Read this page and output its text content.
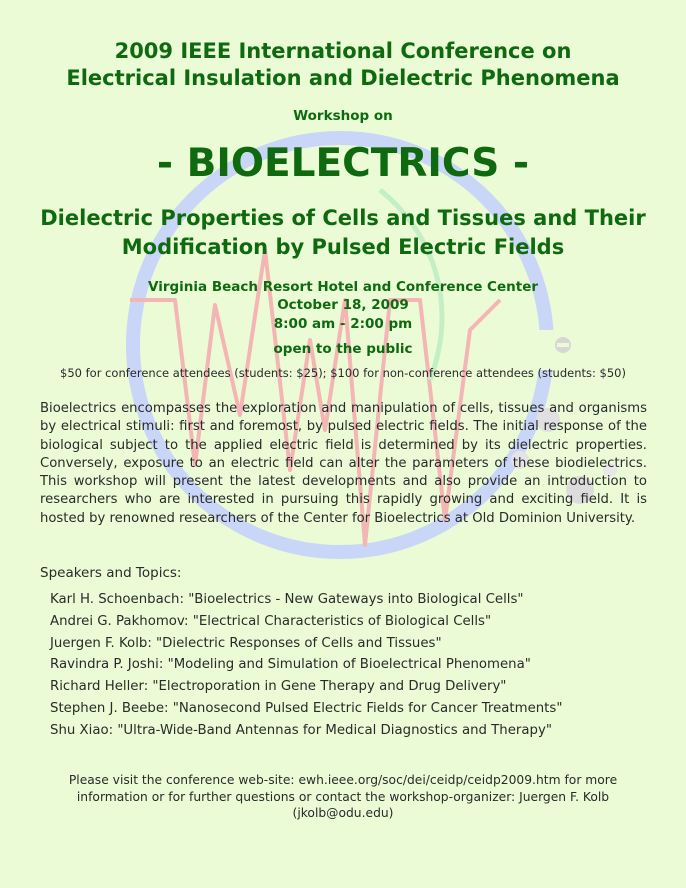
2009 IEEE International Conference on
Electrical Insulation and Dielectric Phenomena
Workshop on
- BIOELECTRICS -
Dielectric Properties of Cells and Tissues and Their
Modification by Pulsed Electric Fields
Virginia Beach Resort Hotel and Conference Center
October 18, 2009
8:00 am - 2:00 pm
open to the public
$50 for conference attendees (students: $25); $100 for non-conference attendees (students: $50)
Bioelectrics encompasses the exploration and manipulation of cells, tissues and organisms by electrical stimuli: first and foremost, by pulsed electric fields. The initial response of the biological subject to the applied electric field is determined by its dielectric properties. Conversely, exposure to an electric field can alter the parameters of these biodielectrics. This workshop will present the latest developments and also provide an introduction to researchers who are interested in pursuing this rapidly growing and exciting field. It is hosted by renowned researchers of the Center for Bioelectrics at Old Dominion University.
Speakers and Topics:
Karl H. Schoenbach: "Bioelectrics - New Gateways into Biological Cells"
Andrei G. Pakhomov: "Electrical Characteristics of Biological Cells"
Juergen F. Kolb: "Dielectric Responses of Cells and Tissues"
Ravindra P. Joshi: "Modeling and Simulation of Bioelectrical Phenomena"
Richard Heller: "Electroporation in Gene Therapy and Drug Delivery"
Stephen J. Beebe: "Nanosecond Pulsed Electric Fields for Cancer Treatments"
Shu Xiao: "Ultra-Wide-Band Antennas for Medical Diagnostics and Therapy"
Please visit the conference web-site: ewh.ieee.org/soc/dei/ceidp/ceidp2009.htm for more information or for further questions or contact the workshop-organizer: Juergen F. Kolb (jkolb@odu.edu)
